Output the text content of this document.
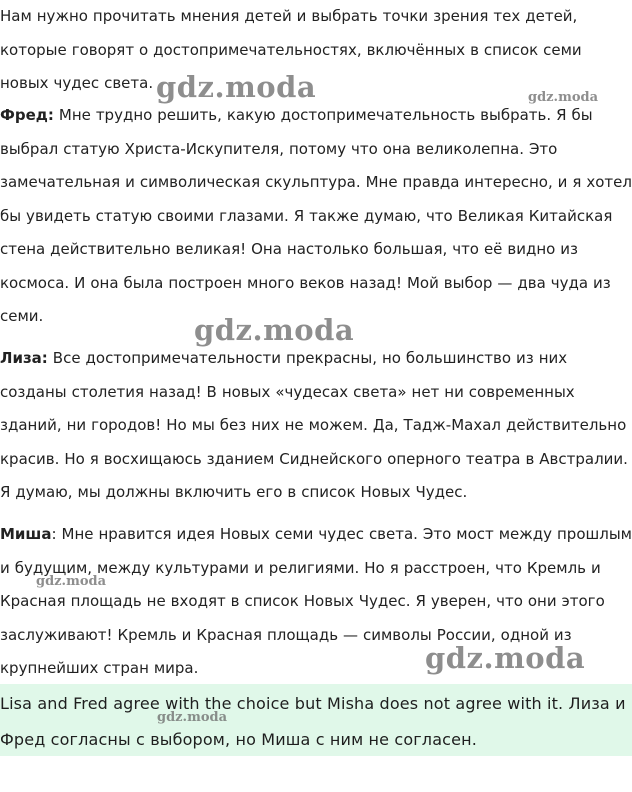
Нам нужно прочитать мнения детей и выбрать точки зрения тех детей, которые говорят о достопримечательностях, включённых в список семи новых чудес света.

Фред: Мне трудно решить, какую достопримечательность выбрать. Я бы выбрал статую Христа-Искупителя, потому что она великолепна. Это замечательная и символическая скульптура. Мне правда интересно, и я хотел бы увидеть статую своими глазами. Я также думаю, что Великая Китайская стена действительно великая! Она настолько большая, что её видно из космоса. И она была построен много веков назад! Мой выбор — два чуда из семи.

Лиза: Все достопримечательности прекрасны, но большинство из них созданы столетия назад! В новых «чудесах света» нет ни современных зданий, ни городов! Но мы без них не можем. Да, Тадж-Махал действительно красив. Но я восхищаюсь зданием Сиднейского оперного театра в Австралии. Я думаю, мы должны включить его в список Новых Чудес.

Миша: Мне нравится идея Новых семи чудес света. Это мост между прошлым и будущим, между культурами и религиями. Но я расстроен, что Кремль и Красная площадь не входят в список Новых Чудес. Я уверен, что они этого заслуживают! Кремль и Красная площадь — символы России, одной из крупнейших стран мира.

Lisa and Fred agree with the choice but Misha does not agree with it. Лиза и Фред согласны с выбором, но Миша с ним не согласен.

gdz.moda	gdz.moda
gdz.moda
gdz.moda
gdz.moda
gdz.moda
